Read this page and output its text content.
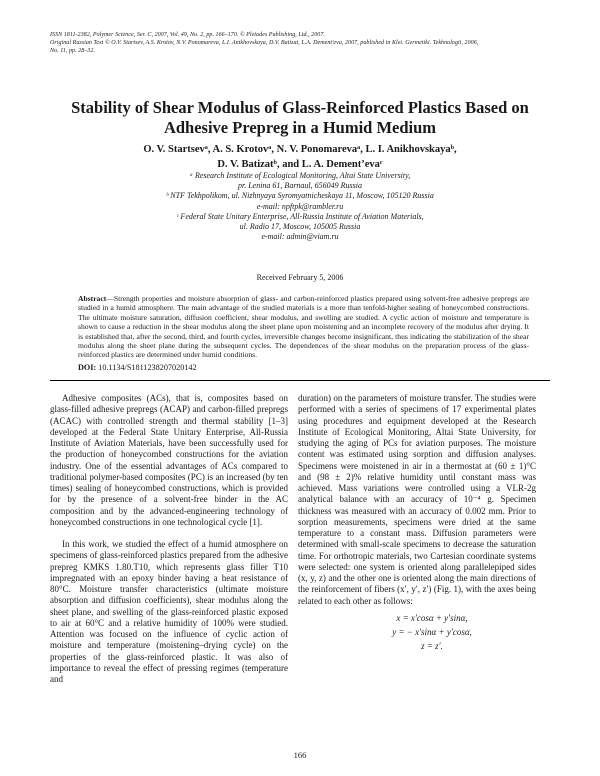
ISSN 1811-2382, Polymer Science, Ser. C, 2007, Vol. 49, No. 2, pp. 166–170. © Pleiades Publishing, Ltd., 2007.
Original Russian Text © O.V. Startsev, A.S. Krotov, N.V. Ponomareva, L.I. Anikhovskaya, D.V. Batizat, L.A. Dement'eva, 2007, published in Klei. Germetiki. Tekhnologii, 2006,
No. 11, pp. 28–32.
Stability of Shear Modulus of Glass-Reinforced Plastics Based on Adhesive Prepreg in a Humid Medium
O. V. Startsevᵃ, A. S. Krotovᵃ, N. V. Ponomarevaᵃ, L. I. Anikhovskayaᵇ,
D. V. Batizatᵇ, and L. A. Dement’evaᶜ
ᵃ Research Institute of Ecological Monitoring, Altai State University,
pr. Lenina 61, Barnaul, 656049 Russia
ᵇ NTF Tekhpolikom, ul. Nizhnyaya Syromyatnicheskaya 11, Moscow, 105120 Russia
e-mail: npftpk@rambler.ru
ᶜ Federal State Unitary Enterprise, All-Russia Institute of Aviation Materials,
ul. Radio 17, Moscow, 105005 Russia
e-mail: admin@viam.ru
Received February 5, 2006
Abstract—Strength properties and moisture absorption of glass- and carbon-reinforced plastics prepared using solvent-free adhesive prepregs are studied in a humid atmosphere. The main advantage of the studied materials is a more than tenfold-higher sealing of honeycombed constructions. The ultimate moisture saturation, diffusion coefficient, shear modulus, and swelling are studied. A cyclic action of moisture and temperature is shown to cause a reduction in the shear modulus along the sheet plane upon moistening and an incomplete recovery of the modulus after drying. It is established that, after the second, third, and fourth cycles, irreversible changes become insignificant, thus indicating the stabilization of the shear modulus along the sheet plane during the subsequent cycles. The dependences of the shear modulus on the preparation process of the glass-reinforced plastics are determined under humid conditions.
DOI: 10.1134/S1811238207020142

Adhesive composites (ACs), that is, composites based on glass-filled adhesive prepregs (ACAP) and carbon-filled prepregs (ACAC) with controlled strength and thermal stability [1–3] developed at the Federal State Unitary Enterprise, All-Russia Institute of Aviation Materials, have been successfully used for the production of honeycombed constructions for the aviation industry. One of the essential advantages of ACs compared to traditional polymer-based composites (PC) is an increased (by ten times) sealing of honeycombed constructions, which is provided for by the presence of a solvent-free binder in the AC composition and by the advanced-engineering technology of honeycombed constructions in one technological cycle [1].

In this work, we studied the effect of a humid atmosphere on specimens of glass-reinforced plastics prepared from the adhesive prepreg KMKS 1.80.T10, which represents glass filler T10 impregnated with an epoxy binder having a heat resistance of 80°C. Moisture transfer characteristics (ultimate moisture absorption and diffusion coefficients), shear modulus along the sheet plane, and swelling of the glass-reinforced plastic exposed to air at 60°C and a relative humidity of 100% were studied. Attention was focused on the influence of cyclic action of moisture and temperature (moistening–drying cycle) on the properties of the glass-reinforced plastic. It was also of importance to reveal the effect of pressing regimes (temperature and

duration) on the parameters of moisture transfer. The studies were performed with a series of specimens of 17 experimental plates using procedures and equipment developed at the Research Institute of Ecological Monitoring, Altai State University, for studying the aging of PCs for aviation purposes. The moisture content was estimated using sorption and diffusion analyses. Specimens were moistened in air in a thermostat at (60 ± 1)°C and (98 ± 2)% relative humidity until constant mass was achieved. Mass variations were controlled using a VLR-2g analytical balance with an accuracy of 10⁻⁴ g. Specimen thickness was measured with an accuracy of 0.002 mm. Prior to sorption measurements, specimens were dried at the same temperature to a constant mass. Diffusion parameters were determined with small-scale specimens to decrease the saturation time. For orthotropic materials, two Cartesian coordinate systems were selected: one system is oriented along parallelepiped sides (x, y, z) and the other one is oriented along the main directions of the reinforcement of fibers (x′, y′, z′) (Fig. 1), with the axes being related to each other as follows:

x = x′cosα + y′sinα,
y = − x′sinα + y′cosα,
z = z′.
166
